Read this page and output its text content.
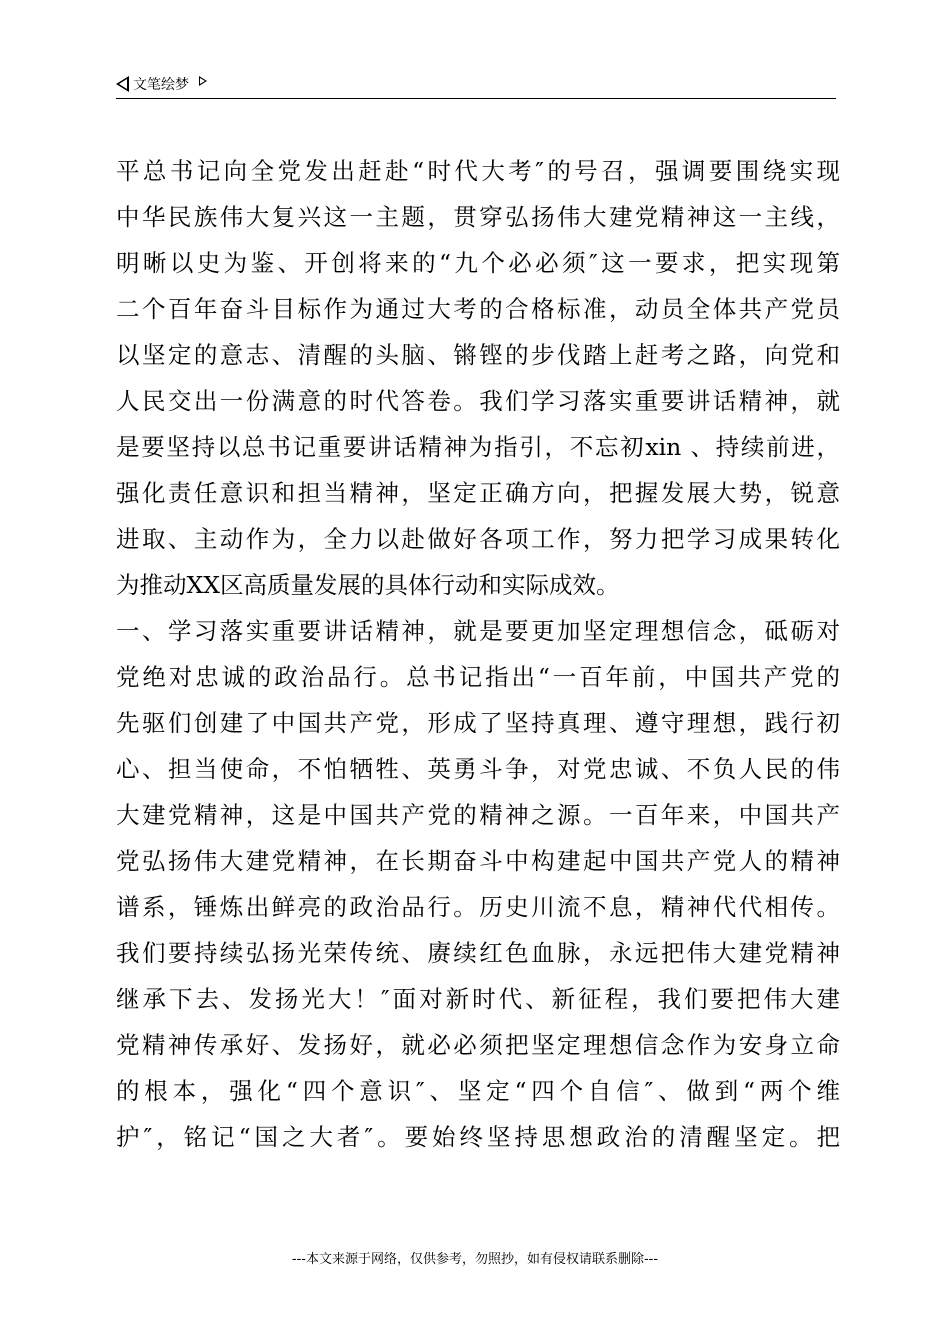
文笔绘梦

平总书记向全党发出赶赴“时代大考″的号召，强调要围绕实现

中华民族伟大复兴这一主题，贯穿弘扬伟大建党精神这一主线，

明晰以史为鉴、开创将来的“九个必必须″这一要求，把实现第

二个百年奋斗目标作为通过大考的合格标准，动员全体共产党员

以坚定的意志、清醒的头脑、锵铿的步伐踏上赶考之路，向党和

人民交出一份满意的时代答卷。我们学习落实重要讲话精神，就

是要坚持以总书记重要讲话精神为指引，不忘初xin 、持续前进，

强化责任意识和担当精神，坚定正确方向，把握发展大势，锐意

进取、主动作为，全力以赴做好各项工作，努力把学习成果转化

为推动XX区高质量发展的具体行动和实际成效。

一、学习落实重要讲话精神，就是要更加坚定理想信念，砥砺对

党绝对忠诚的政治品行。总书记指出“一百年前，中国共产党的

先驱们创建了中国共产党，形成了坚持真理、遵守理想，践行初

心、担当使命，不怕牺牲、英勇斗争，对党忠诚、不负人民的伟

大建党精神，这是中国共产党的精神之源。一百年来，中国共产

党弘扬伟大建党精神，在长期奋斗中构建起中国共产党人的精神

谱系，锤炼出鲜亮的政治品行。历史川流不息，精神代代相传。

我们要持续弘扬光荣传统、赓续红色血脉，永远把伟大建党精神

继承下去、发扬光大！″面对新时代、新征程，我们要把伟大建

党精神传承好、发扬好，就必必须把坚定理想信念作为安身立命

的根本，强化“四个意识″、坚定“四个自信″、做到“两个维

护″，铭记“国之大者″。要始终坚持思想政治的清醒坚定。把

---本文来源于网络，仅供参考，勿照抄，如有侵权请联系删除---
